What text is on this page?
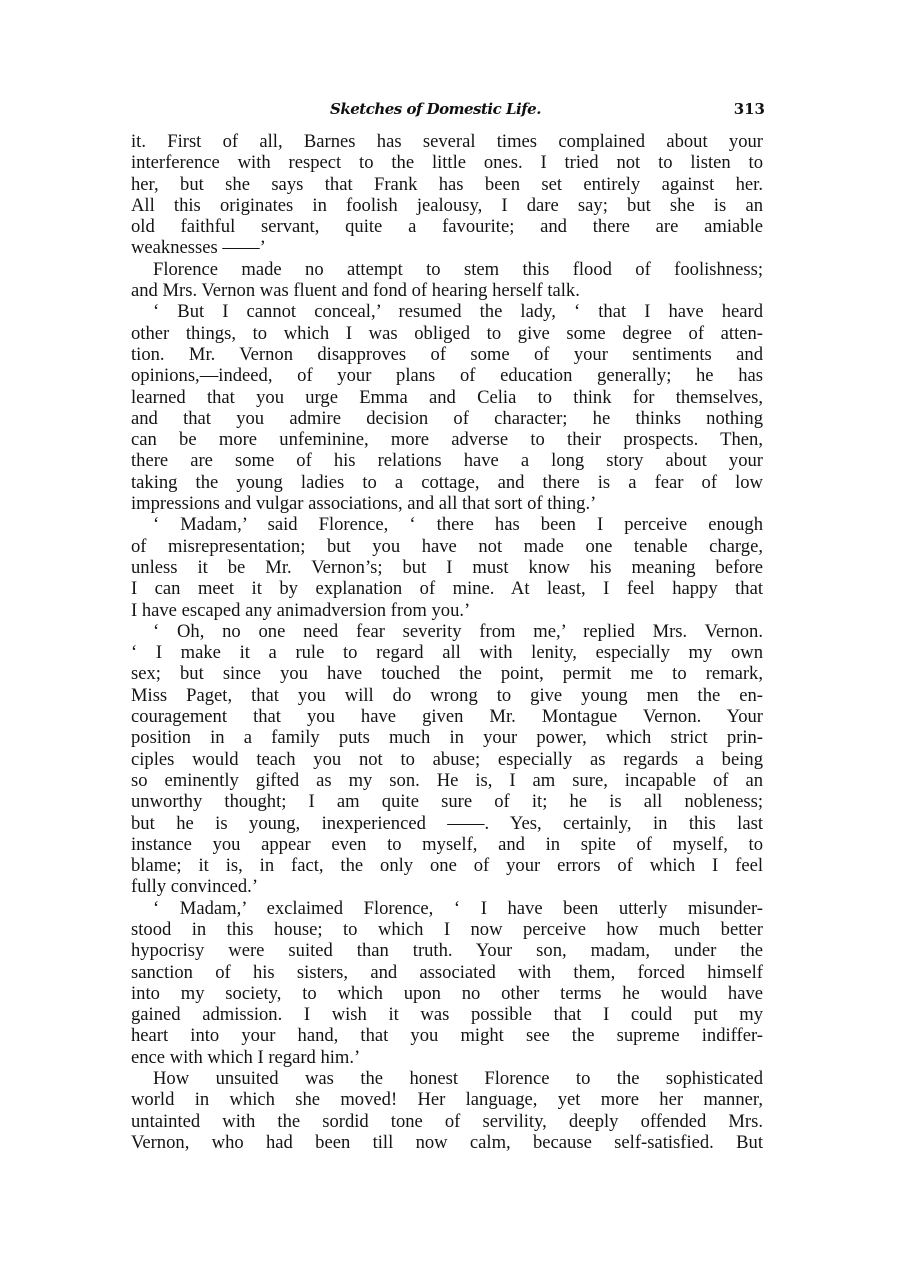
Sketches of Domestic Life.	313
it. First of all, Barnes has several times complained about your
interference with respect to the little ones. I tried not to listen to
her, but she says that Frank has been set entirely against her.
All this originates in foolish jealousy, I dare say; but she is an
old faithful servant, quite a favourite; and there are amiable
weaknesses ——’
Florence made no attempt to stem this flood of foolishness;
and Mrs. Vernon was fluent and fond of hearing herself talk.
‘ But I cannot conceal,’ resumed the lady, ‘ that I have heard
other things, to which I was obliged to give some degree of atten-
tion. Mr. Vernon disapproves of some of your sentiments and
opinions,—indeed, of your plans of education generally; he has
learned that you urge Emma and Celia to think for themselves,
and that you admire decision of character; he thinks nothing
can be more unfeminine, more adverse to their prospects. Then,
there are some of his relations have a long story about your
taking the young ladies to a cottage, and there is a fear of low
impressions and vulgar associations, and all that sort of thing.’
‘ Madam,’ said Florence, ‘ there has been I perceive enough
of misrepresentation; but you have not made one tenable charge,
unless it be Mr. Vernon’s; but I must know his meaning before
I can meet it by explanation of mine. At least, I feel happy that
I have escaped any animadversion from you.’
‘ Oh, no one need fear severity from me,’ replied Mrs. Vernon.
‘ I make it a rule to regard all with lenity, especially my own
sex; but since you have touched the point, permit me to remark,
Miss Paget, that you will do wrong to give young men the en-
couragement that you have given Mr. Montague Vernon. Your
position in a family puts much in your power, which strict prin-
ciples would teach you not to abuse; especially as regards a being
so eminently gifted as my son. He is, I am sure, incapable of an
unworthy thought; I am quite sure of it; he is all nobleness;
but he is young, inexperienced ——. Yes, certainly, in this last
instance you appear even to myself, and in spite of myself, to
blame; it is, in fact, the only one of your errors of which I feel
fully convinced.’
‘ Madam,’ exclaimed Florence, ‘ I have been utterly misunder-
stood in this house; to which I now perceive how much better
hypocrisy were suited than truth. Your son, madam, under the
sanction of his sisters, and associated with them, forced himself
into my society, to which upon no other terms he would have
gained admission. I wish it was possible that I could put my
heart into your hand, that you might see the supreme indiffer-
ence with which I regard him.’
How unsuited was the honest Florence to the sophisticated
world in which she moved! Her language, yet more her manner,
untainted with the sordid tone of servility, deeply offended Mrs.
Vernon, who had been till now calm, because self-satisfied. But
